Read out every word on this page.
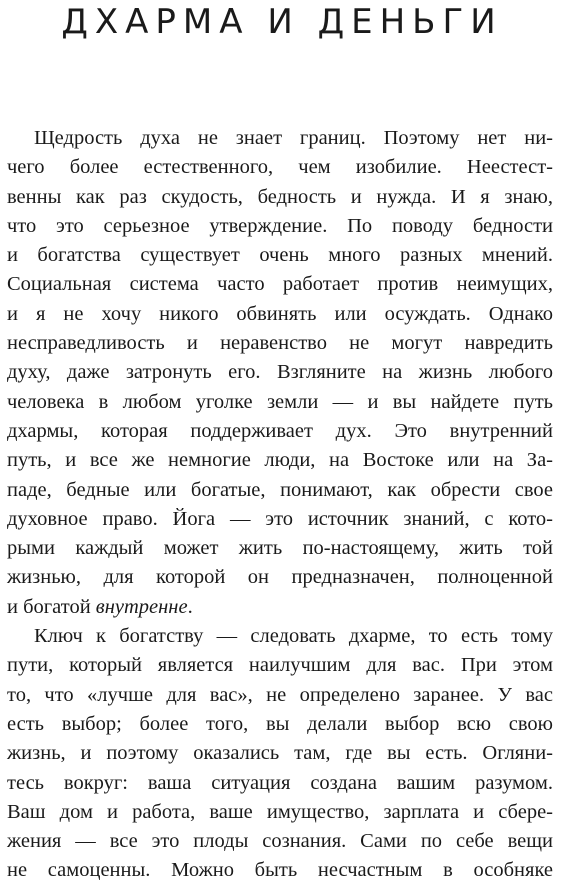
ДХАРМА И ДЕНЬГИ
Щедрость духа не знает границ. Поэтому нет ни-
чего более естественного, чем изобилие. Неестест-
венны как раз скудость, бедность и нужда. И я знаю,
что это серьезное утверждение. По поводу бедности
и богатства существует очень много разных мнений.
Социальная система часто работает против неимущих,
и я не хочу никого обвинять или осуждать. Однако
несправедливость и неравенство не могут навредить
духу, даже затронуть его. Взгляните на жизнь любого
человека в любом уголке земли — и вы найдете путь
дхармы, которая поддерживает дух. Это внутренний
путь, и все же немногие люди, на Востоке или на За-
паде, бедные или богатые, понимают, как обрести свое
духовное право. Йога — это источник знаний, с кото-
рыми каждый может жить по-настоящему, жить той
жизнью, для которой он предназначен, полноценной
и богатой внутренне.
Ключ к богатству — следовать дхарме, то есть тому
пути, который является наилучшим для вас. При этом
то, что «лучше для вас», не определено заранее. У вас
есть выбор; более того, вы делали выбор всю свою
жизнь, и поэтому оказались там, где вы есть. Огляни-
тесь вокруг: ваша ситуация создана вашим разумом.
Ваш дом и работа, ваше имущество, зарплата и сбере-
жения — все это плоды сознания. Сами по себе вещи
не самоценны. Можно быть несчастным в особняке
